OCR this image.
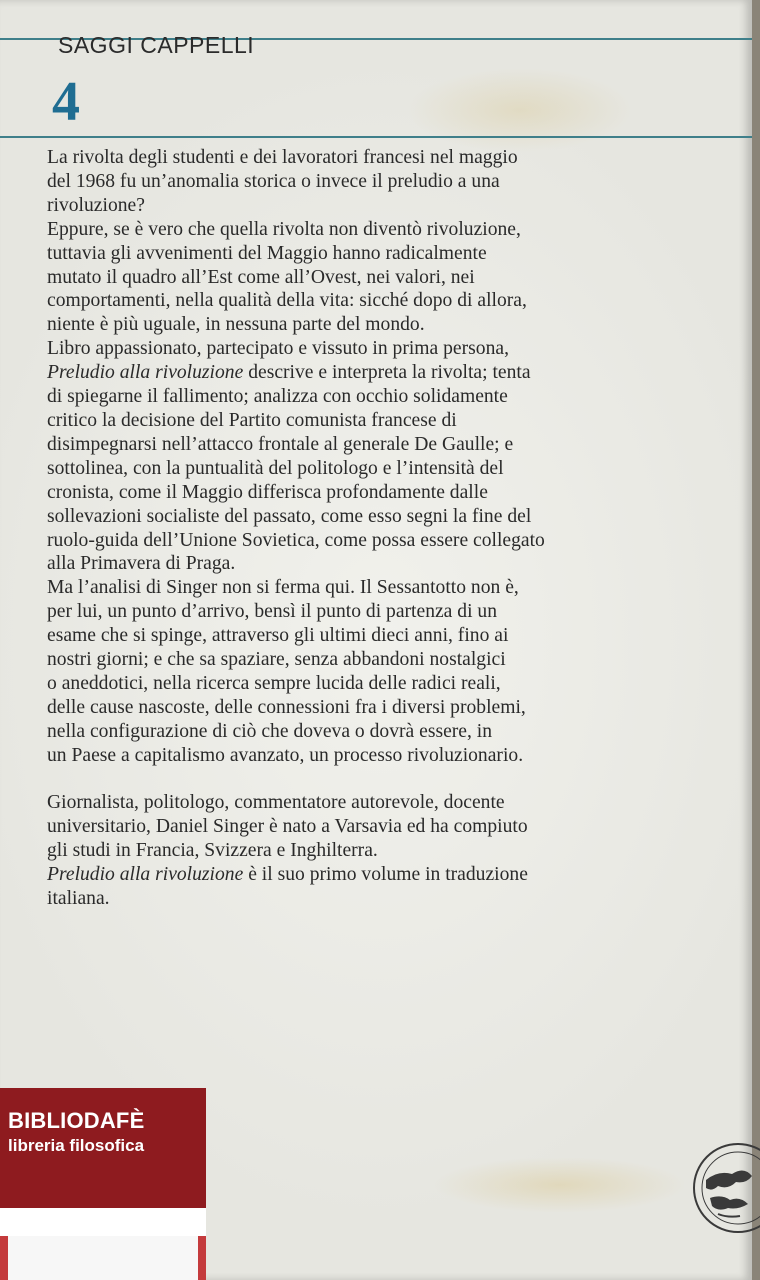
SAGGI CAPPELLI
4

La rivolta degli studenti e dei lavoratori francesi nel maggio

del 1968 fu un’anomalia storica o invece il preludio a una

rivoluzione?

Eppure, se è vero che quella rivolta non diventò rivoluzione,

tuttavia gli avvenimenti del Maggio hanno radicalmente

mutato il quadro all’Est come all’Ovest, nei valori, nei

comportamenti, nella qualità della vita: sicché dopo di allora,

niente è più uguale, in nessuna parte del mondo.

Libro appassionato, partecipato e vissuto in prima persona,

Preludio alla rivoluzione descrive e interpreta la rivolta; tenta

di spiegarne il fallimento; analizza con occhio solidamente

critico la decisione del Partito comunista francese di

disimpegnarsi nell’attacco frontale al generale De Gaulle; e

sottolinea, con la puntualità del politologo e l’intensità del

cronista, come il Maggio differisca profondamente dalle

sollevazioni socialiste del passato, come esso segni la fine del

ruolo-guida dell’Unione Sovietica, come possa essere collegato

alla Primavera di Praga.

Ma l’analisi di Singer non si ferma qui. Il Sessantotto non è,

per lui, un punto d’arrivo, bensì il punto di partenza di un

esame che si spinge, attraverso gli ultimi dieci anni, fino ai

nostri giorni; e che sa spaziare, senza abbandoni nostalgici

o aneddotici, nella ricerca sempre lucida delle radici reali,

delle cause nascoste, delle connessioni fra i diversi problemi,

nella configurazione di ciò che doveva o dovrà essere, in

un Paese a capitalismo avanzato, un processo rivoluzionario.

Giornalista, politologo, commentatore autorevole, docente

universitario, Daniel Singer è nato a Varsavia ed ha compiuto

gli studi in Francia, Svizzera e Inghilterra.

Preludio alla rivoluzione è il suo primo volume in traduzione

italiana.

BIBLIODAFÈ
libreria filosofica
